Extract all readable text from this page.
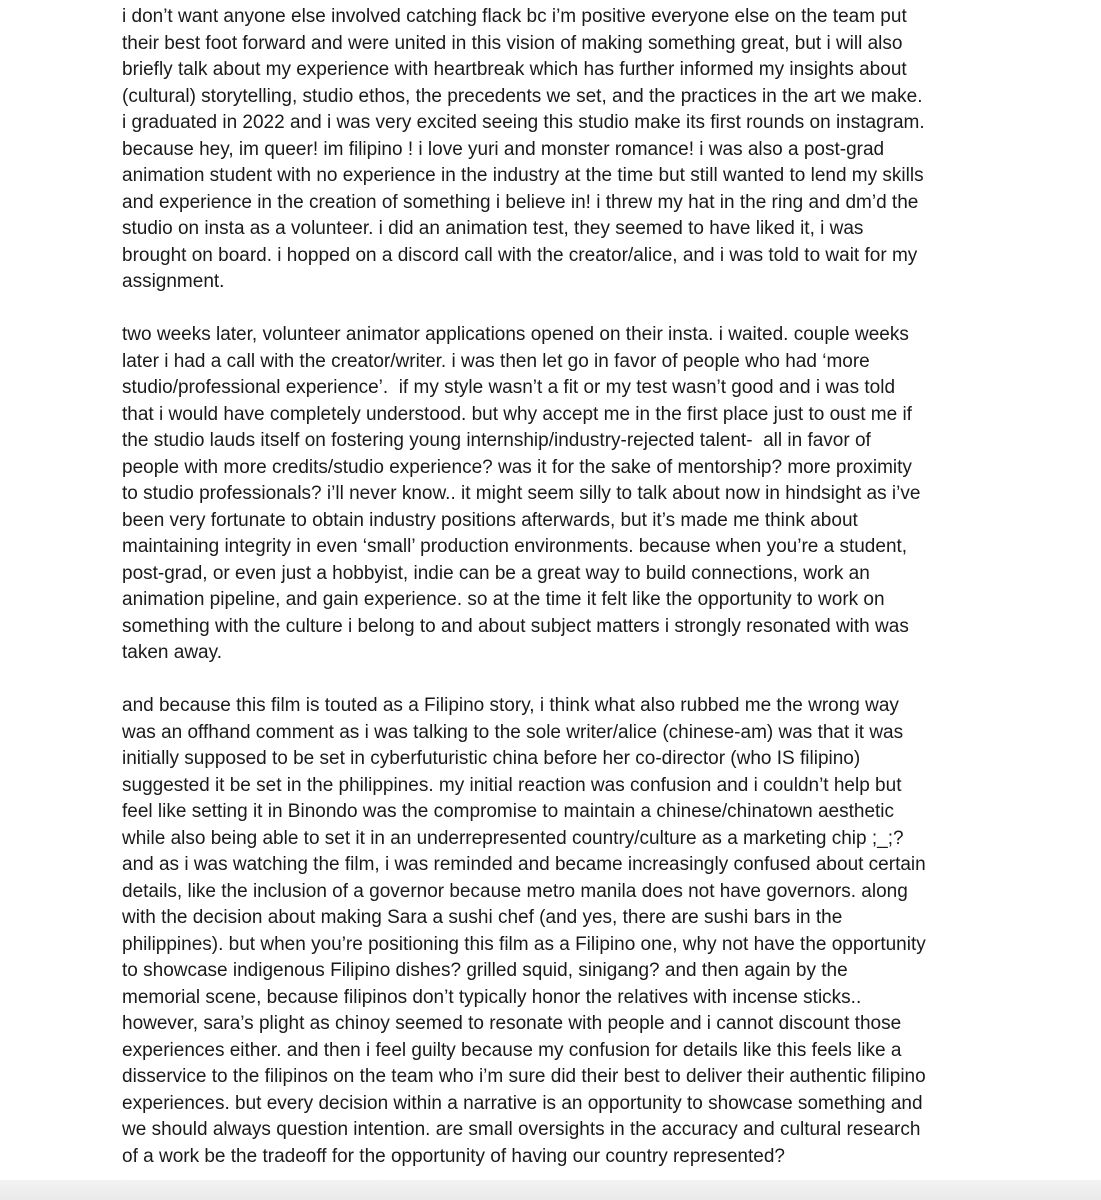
i don’t want anyone else involved catching flack bc i’m positive everyone else on the team put
their best foot forward and were united in this vision of making something great, but i will also
briefly talk about my experience with heartbreak which has further informed my insights about
(cultural) storytelling, studio ethos, the precedents we set, and the practices in the art we make.
i graduated in 2022 and i was very excited seeing this studio make its first rounds on instagram.
because hey, im queer! im filipino ! i love yuri and monster romance! i was also a post-grad
animation student with no experience in the industry at the time but still wanted to lend my skills
and experience in the creation of something i believe in! i threw my hat in the ring and dm’d the
studio on insta as a volunteer. i did an animation test, they seemed to have liked it, i was
brought on board. i hopped on a discord call with the creator/alice, and i was told to wait for my
assignment.
two weeks later, volunteer animator applications opened on their insta. i waited. couple weeks
later i had a call with the creator/writer. i was then let go in favor of people who had ‘more
studio/professional experience’.  if my style wasn’t a fit or my test wasn’t good and i was told
that i would have completely understood. but why accept me in the first place just to oust me if
the studio lauds itself on fostering young internship/industry-rejected talent-  all in favor of
people with more credits/studio experience? was it for the sake of mentorship? more proximity
to studio professionals? i’ll never know.. it might seem silly to talk about now in hindsight as i’ve
been very fortunate to obtain industry positions afterwards, but it’s made me think about
maintaining integrity in even ‘small’ production environments. because when you’re a student,
post-grad, or even just a hobbyist, indie can be a great way to build connections, work an
animation pipeline, and gain experience. so at the time it felt like the opportunity to work on
something with the culture i belong to and about subject matters i strongly resonated with was
taken away.
and because this film is touted as a Filipino story, i think what also rubbed me the wrong way
was an offhand comment as i was talking to the sole writer/alice (chinese-am) was that it was
initially supposed to be set in cyberfuturistic china before her co-director (who IS filipino)
suggested it be set in the philippines. my initial reaction was confusion and i couldn’t help but
feel like setting it in Binondo was the compromise to maintain a chinese/chinatown aesthetic
while also being able to set it in an underrepresented country/culture as a marketing chip ;_;?
and as i was watching the film, i was reminded and became increasingly confused about certain
details, like the inclusion of a governor because metro manila does not have governors. along
with the decision about making Sara a sushi chef (and yes, there are sushi bars in the
philippines). but when you’re positioning this film as a Filipino one, why not have the opportunity
to showcase indigenous Filipino dishes? grilled squid, sinigang? and then again by the
memorial scene, because filipinos don’t typically honor the relatives with incense sticks..
however, sara’s plight as chinoy seemed to resonate with people and i cannot discount those
experiences either. and then i feel guilty because my confusion for details like this feels like a
disservice to the filipinos on the team who i’m sure did their best to deliver their authentic filipino
experiences. but every decision within a narrative is an opportunity to showcase something and
we should always question intention. are small oversights in the accuracy and cultural research
of a work be the tradeoff for the opportunity of having our country represented?
